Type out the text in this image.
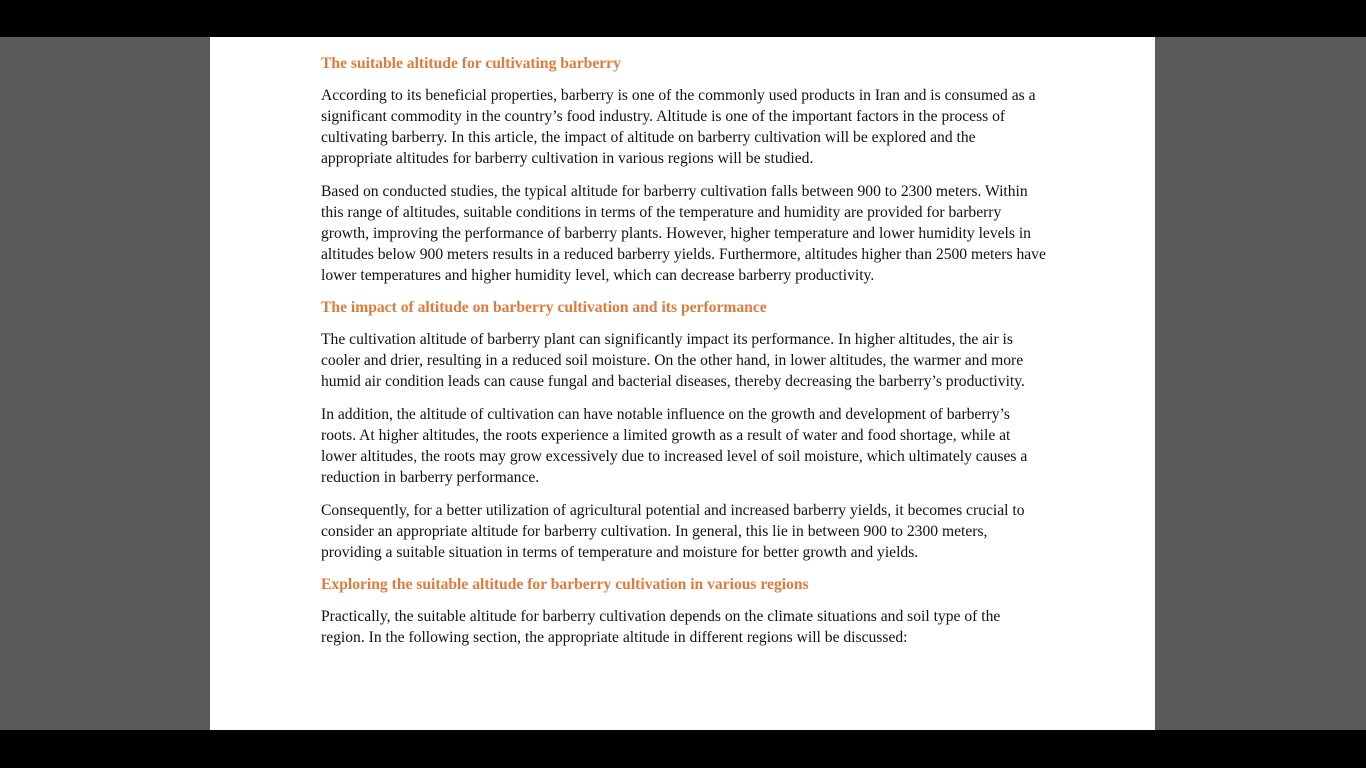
The suitable altitude for cultivating barberry

According to its beneficial properties, barberry is one of the commonly used products in Iran and is consumed as a significant commodity in the country’s food industry. Altitude is one of the important factors in the process of cultivating barberry. In this article, the impact of altitude on barberry cultivation will be explored and the appropriate altitudes for barberry cultivation in various regions will be studied.

Based on conducted studies, the typical altitude for barberry cultivation falls between 900 to 2300 meters. Within this range of altitudes, suitable conditions in terms of the temperature and humidity are provided for barberry growth, improving the performance of barberry plants. However, higher temperature and lower humidity levels in altitudes below 900 meters results in a reduced barberry yields. Furthermore, altitudes higher than 2500 meters have lower temperatures and higher humidity level, which can decrease barberry productivity.

The impact of altitude on barberry cultivation and its performance

The cultivation altitude of barberry plant can significantly impact its performance. In higher altitudes, the air is cooler and drier, resulting in a reduced soil moisture. On the other hand, in lower altitudes, the warmer and more humid air condition leads can cause fungal and bacterial diseases, thereby decreasing the barberry’s productivity.

In addition, the altitude of cultivation can have notable influence on the growth and development of barberry’s roots. At higher altitudes, the roots experience a limited growth as a result of water and food shortage, while at lower altitudes, the roots may grow excessively due to increased level of soil moisture, which ultimately causes a reduction in barberry performance.

Consequently, for a better utilization of agricultural potential and increased barberry yields, it becomes crucial to consider an appropriate altitude for barberry cultivation. In general, this lie in between 900 to 2300 meters, providing a suitable situation in terms of temperature and moisture for better growth and yields.

Exploring the suitable altitude for barberry cultivation in various regions

Practically, the suitable altitude for barberry cultivation depends on the climate situations and soil type of the region. In the following section, the appropriate altitude in different regions will be discussed:
